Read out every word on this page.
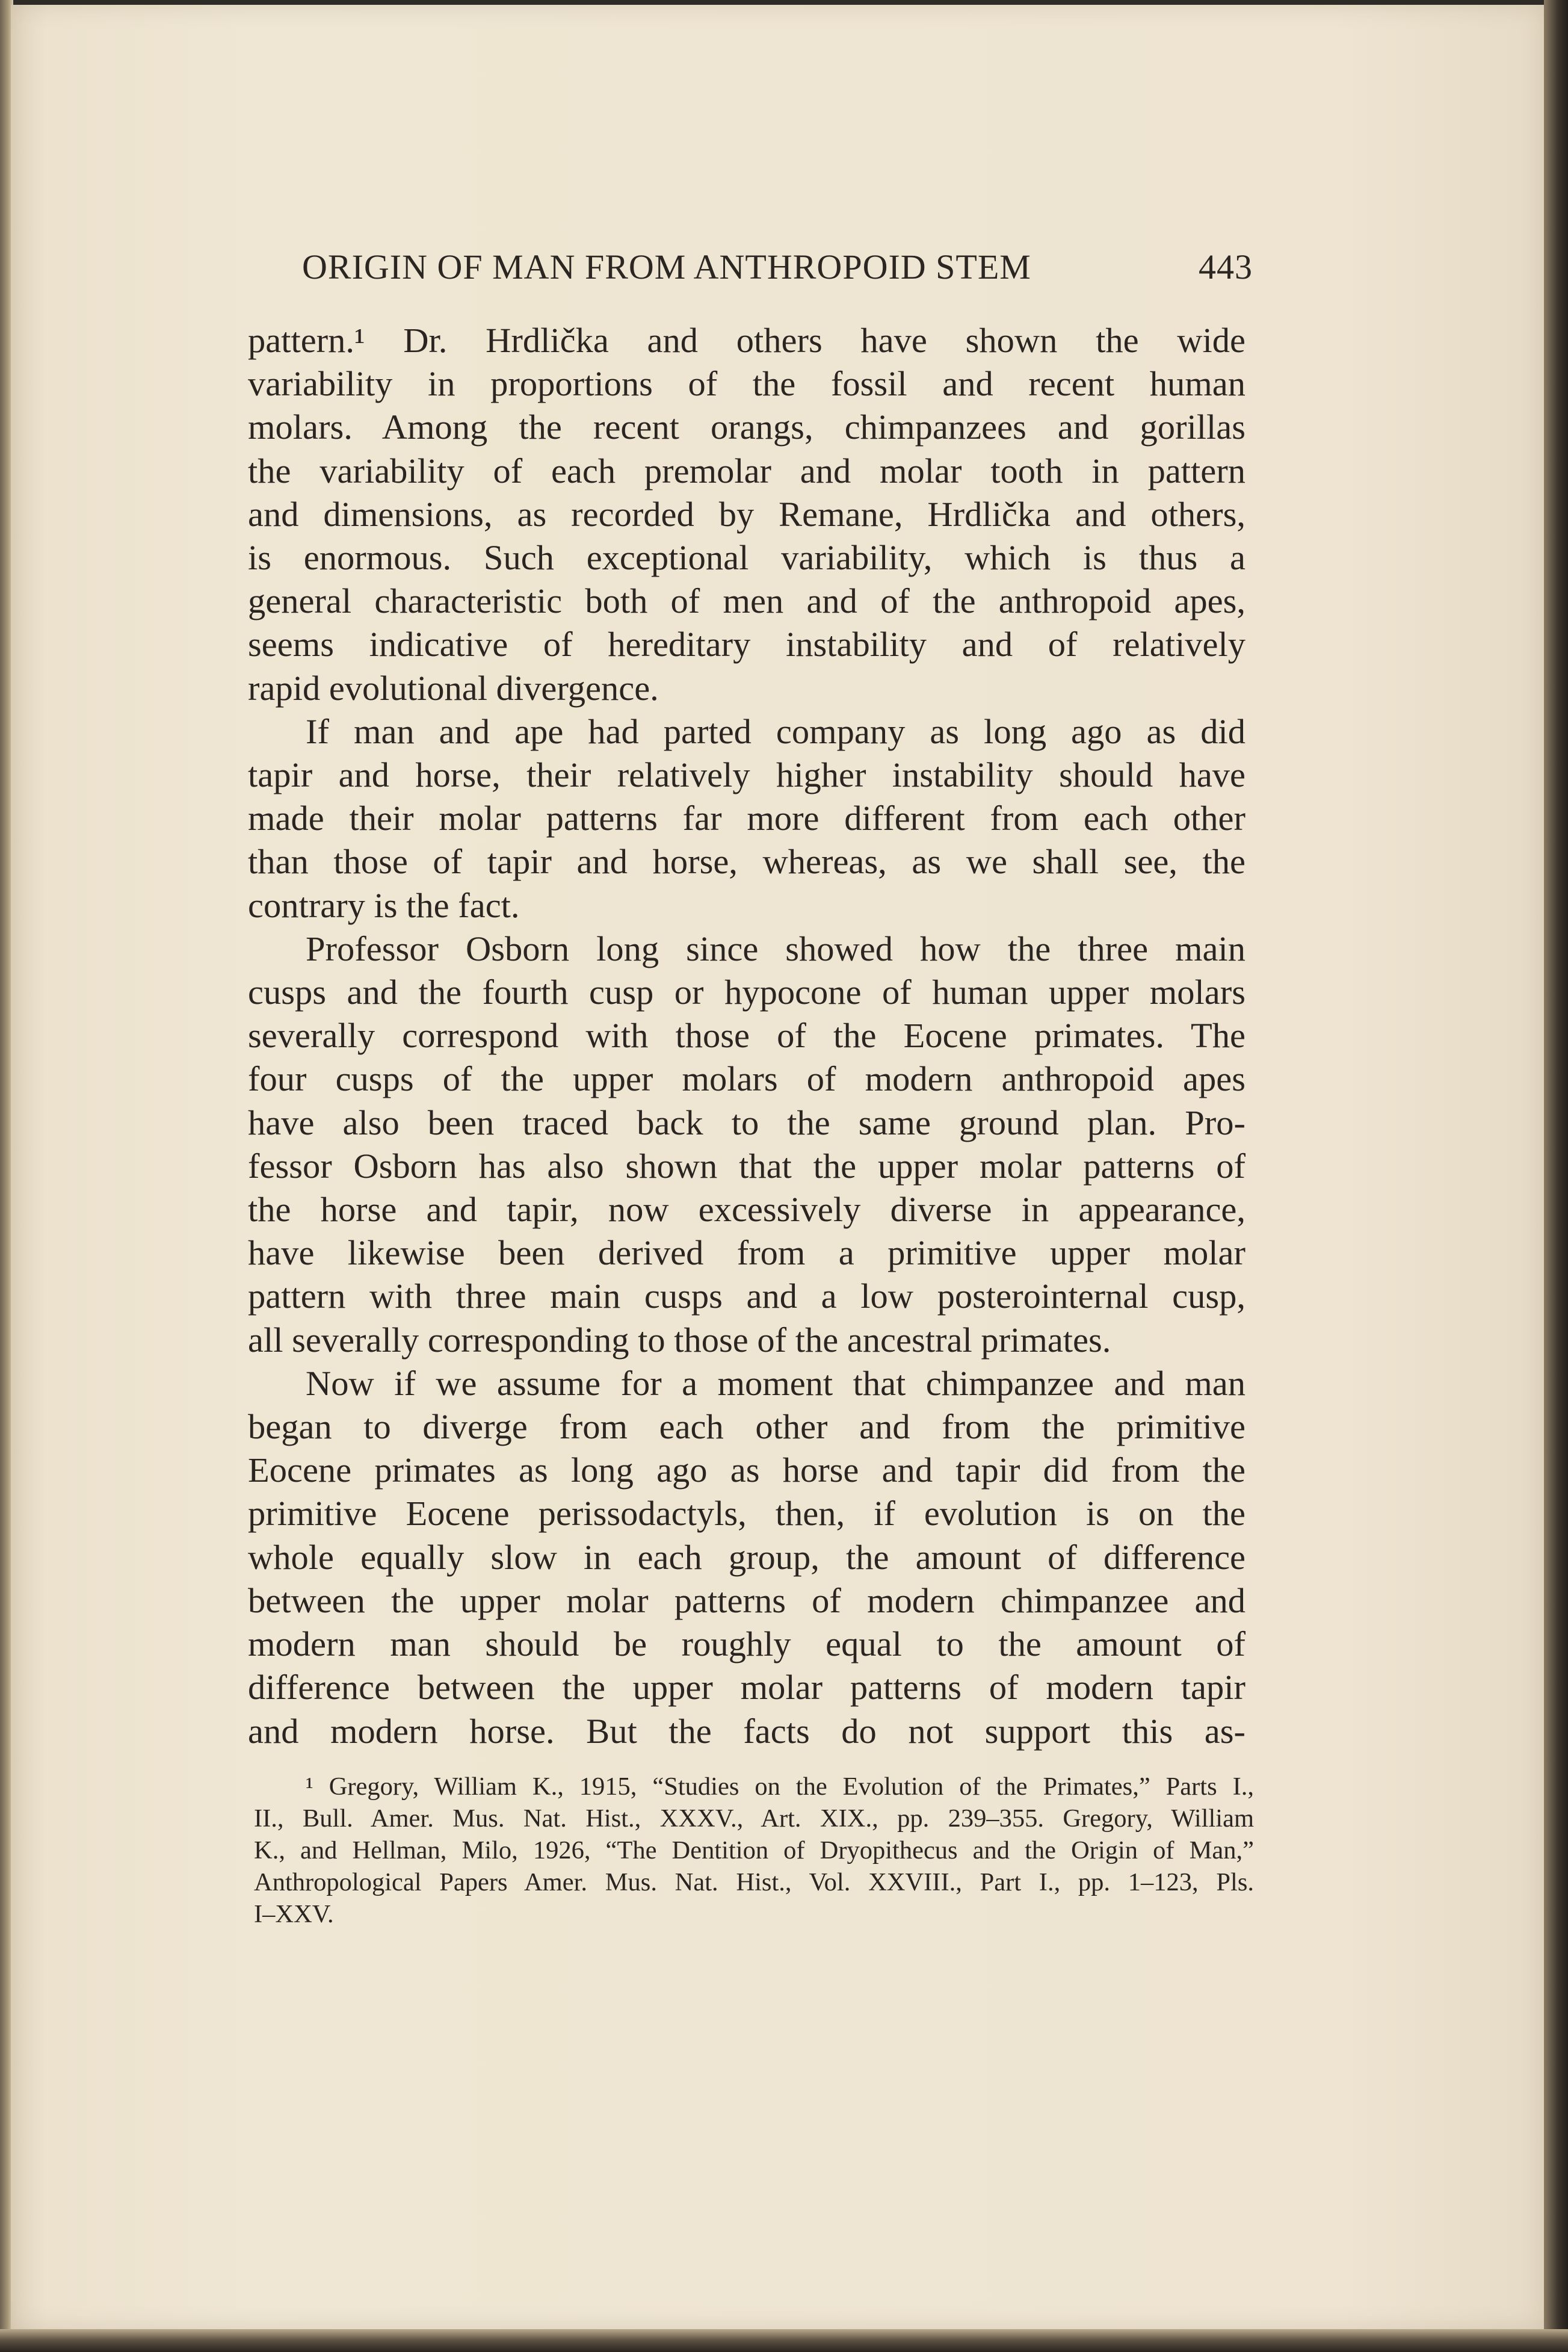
ORIGIN OF MAN FROM ANTHROPOID STEM	443

pattern.¹ Dr. Hrdlička and others have shown the wide

variability in proportions of the fossil and recent human

molars. Among the recent orangs, chimpanzees and gorillas

the variability of each premolar and molar tooth in pattern

and dimensions, as recorded by Remane, Hrdlička and others,

is enormous. Such exceptional variability, which is thus a

general characteristic both of men and of the anthropoid apes,

seems indicative of hereditary instability and of relatively

rapid evolutional divergence.

If man and ape had parted company as long ago as did

tapir and horse, their relatively higher instability should have

made their molar patterns far more different from each other

than those of tapir and horse, whereas, as we shall see, the

contrary is the fact.

Professor Osborn long since showed how the three main

cusps and the fourth cusp or hypocone of human upper molars

severally correspond with those of the Eocene primates. The

four cusps of the upper molars of modern anthropoid apes

have also been traced back to the same ground plan. Pro-

fessor Osborn has also shown that the upper molar patterns of

the horse and tapir, now excessively diverse in appearance,

have likewise been derived from a primitive upper molar

pattern with three main cusps and a low posterointernal cusp,

all severally corresponding to those of the ancestral primates.

Now if we assume for a moment that chimpanzee and man

began to diverge from each other and from the primitive

Eocene primates as long ago as horse and tapir did from the

primitive Eocene perissodactyls, then, if evolution is on the

whole equally slow in each group, the amount of difference

between the upper molar patterns of modern chimpanzee and

modern man should be roughly equal to the amount of

difference between the upper molar patterns of modern tapir

and modern horse. But the facts do not support this as-

¹ Gregory, William K., 1915, “Studies on the Evolution of the Primates,” Parts I.,

II., Bull. Amer. Mus. Nat. Hist., XXXV., Art. XIX., pp. 239–355. Gregory, William

K., and Hellman, Milo, 1926, “The Dentition of Dryopithecus and the Origin of Man,”

Anthropological Papers Amer. Mus. Nat. Hist., Vol. XXVIII., Part I., pp. 1–123, Pls.

I–XXV.
